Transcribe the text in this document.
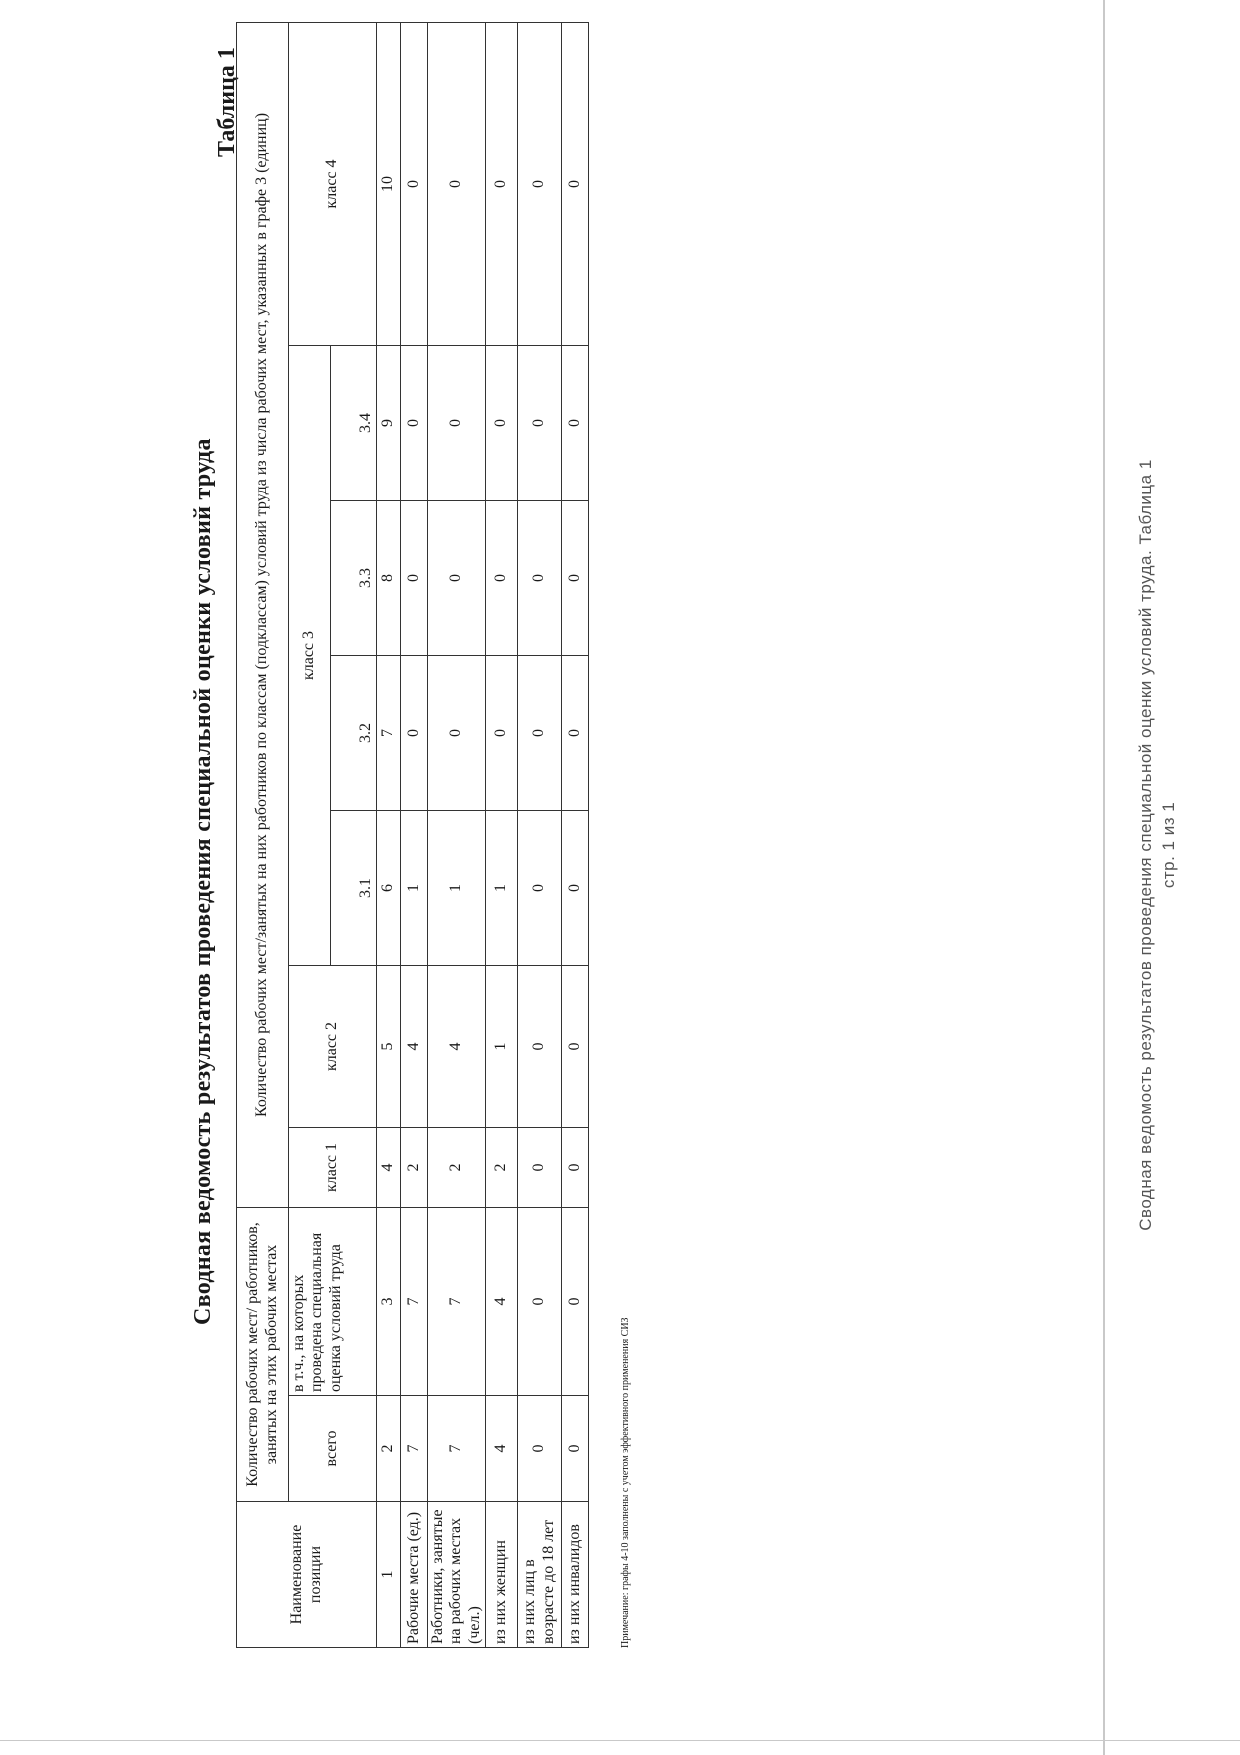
Сводная ведомость результатов проведения специальной оценки условий труда
Таблица 1
Наименование позиции	Количество рабочих мест/ работников, занятых на этих рабочих местах		Количество рабочих мест/занятых на них работников по классам (подклассам) условий труда из числа рабочих мест, указанных в графе 3 (единиц)						
	всего	в т.ч., на которых проведена специальная оценка условий труда	класс 1	класс 2	класс 3				класс 4
					3.1	3.2	3.3	3.4	
1	2	3	4	5	6	7	8	9	10
Рабочие места (ед.)	7	7	2	4	1	0	0	0	0
Работники, занятые на рабочих местах (чел.)	7	7	2	4	1	0	0	0	0
из них женщин	4	4	2	1	1	0	0	0	0
из них лиц в возрасте до 18 лет	0	0	0	0	0	0	0	0	0
из них инвалидов	0	0	0	0	0	0	0	0	0
Примечание: графы 4-10 заполнены с учетом эффективного применения СИЗ
Сводная ведомость результатов проведения специальной оценки условий труда. Таблица 1 стр. 1 из 1
